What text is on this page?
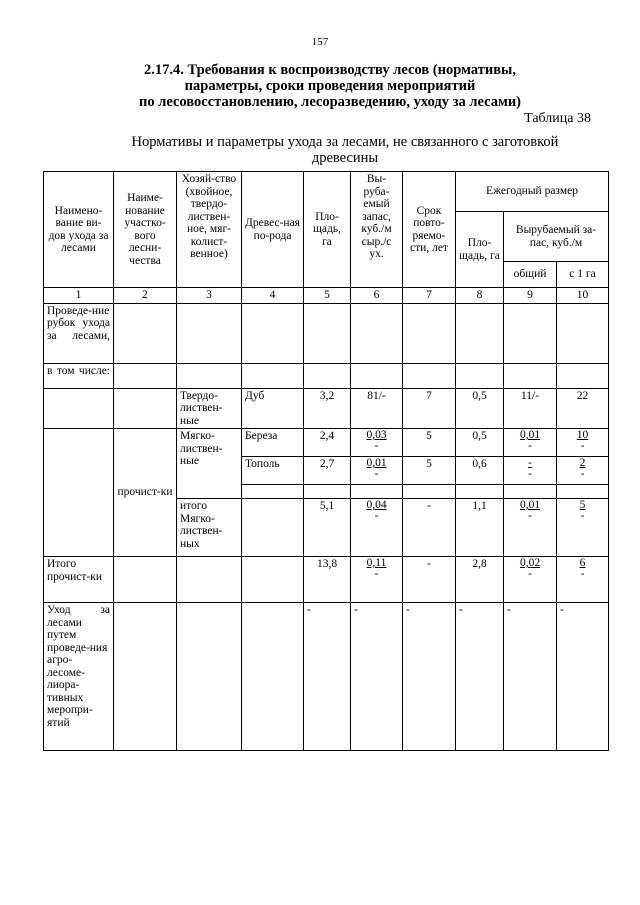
157
2.17.4. Требования к воспроизводству лесов (нормативы,
параметры, сроки проведения мероприятий
по лесовосстановлению, лесоразведению, уходу за лесами)
Таблица 38
Нормативы и параметры ухода за лесами, не связанного с заготовкой
древесины
Наимено-вание ви-дов ухода за лесами	Наиме-нование участко-вого лесни-чества	Хозяй-ство (хвойное, твердо-листвен-ное, мяг-колист-венное)	Древес-ная по-рода	Пло-щадь, га	Вы-руба-емый запас, куб./м сыр./с ух.	Срок повто-ряемо-сти, лет	Ежегодный размер		
							Пло-щадь, га	Вырубаемый за-пас, куб./м	
								общий	с 1 га
1	2	3	4	5	6	7	8	9	10
Проведе-ние рубок ухода за лесами,									
в том числе:									
		Твердо-листвен-ные	Дуб	3,2	81/-	7	0,5	11/-	22
	прочист-ки	Мягко-листвен-ные	Береза	2,4	$\frac{0,03}{-}$	5	0,5	$\frac{0,01}{-}$	$\frac{10}{-}$

			Тополь	2,7	$\frac{0,01}{-}$	5	0,6	$\frac{-}{-}$	$\frac{2}{-}$

		итого Мягко-листвен-ных		5,1	$\frac{0,04}{-}$	-	1,1	$\frac{0,01}{-}$	$\frac{5}{-}$

Итого прочист-ки				13,8	$\frac{0,11}{-}$	-	2,8	$\frac{0,02}{-}$	$\frac{6}{-}$

Уход за лесами путем проведе-ния агро-лесоме-лиора-тивных меропри-ятий				-	-	-	-	-	-
